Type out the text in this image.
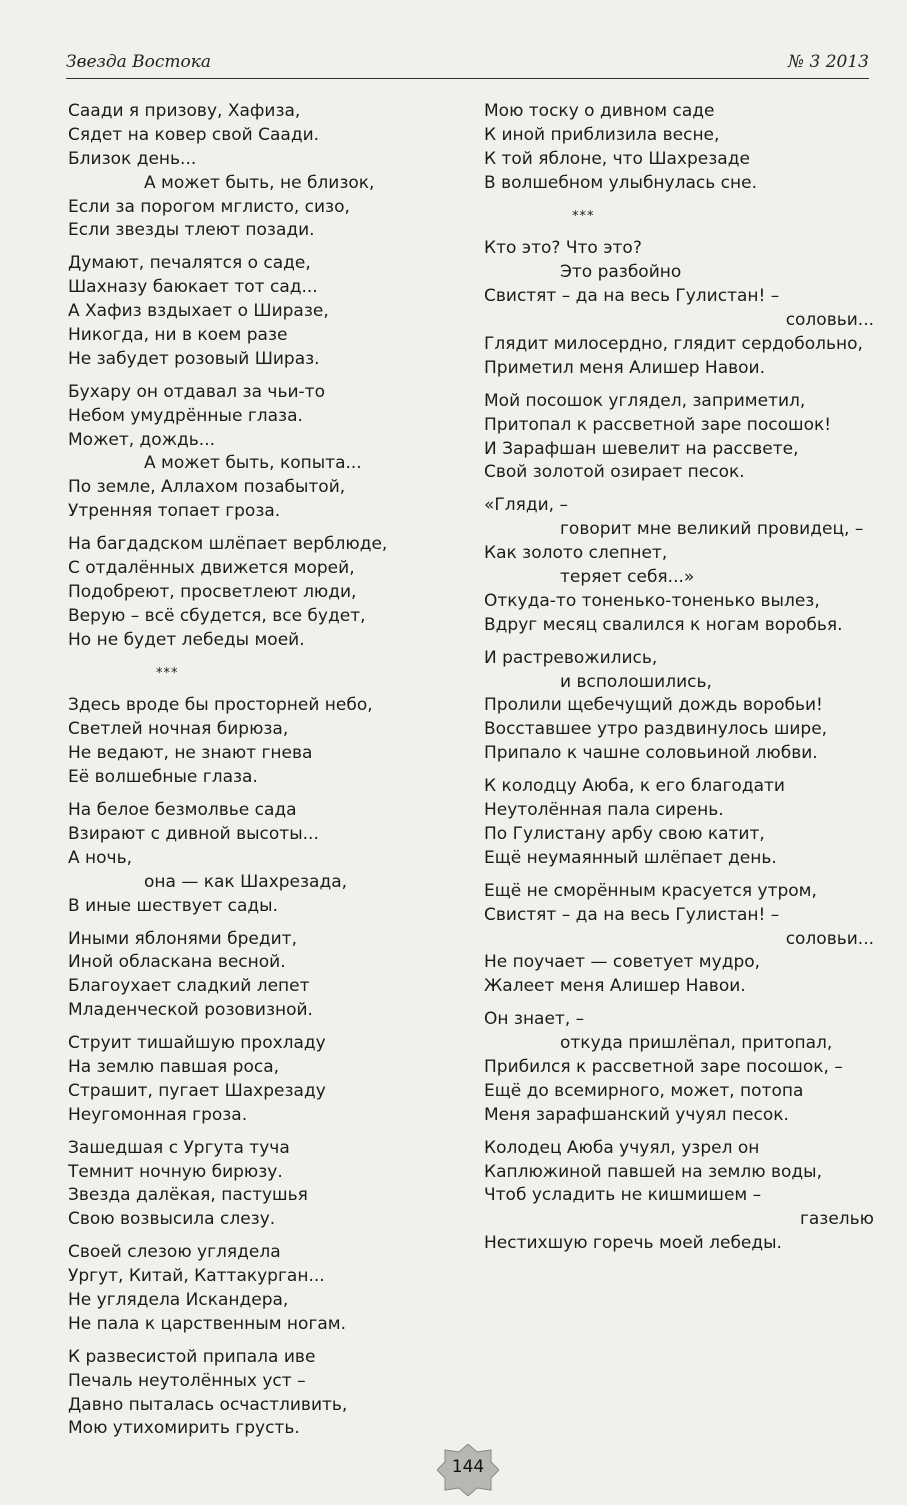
Звезда Востока	№ 3 2013
Саади я призову, Хафиза,
Сядет на ковер свой Саади.
Близок день...
А может быть, не близок,
Если за порогом мглисто, сизо,
Если звезды тлеют позади.
Думают, печалятся о саде,
Шахназу баюкает тот сад...
А Хафиз вздыхает о Ширазе,
Никогда, ни в коем разе
Не забудет розовый Шираз.
Бухару он отдавал за чьи-то
Небом умудрённые глаза.
Может, дождь...
А может быть, копыта...
По земле, Аллахом позабытой,
Утренняя топает гроза.
На багдадском шлёпает верблюде,
С отдалённых движется морей,
Подобреют, просветлеют люди,
Верую – всё сбудется, все будет,
Но не будет лебеды моей.
***
Здесь вроде бы просторней небо,
Светлей ночная бирюза,
Не ведают, не знают гнева
Её волшебные глаза.
На белое безмолвье сада
Взирают с дивной высоты...
А ночь,
она — как Шахрезада,
В иные шествует сады.
Иными яблонями бредит,
Иной обласкана весной.
Благоухает сладкий лепет
Младенческой розовизной.
Струит тишайшую прохладу
На землю павшая роса,
Страшит, пугает Шахрезаду
Неугомонная гроза.
Зашедшая с Ургута туча
Темнит ночную бирюзу.
Звезда далёкая, пастушья
Свою возвысила слезу.
Своей слезою углядела
Ургут, Китай, Каттакурган...
Не углядела Искандера,
Не пала к царственным ногам.
К развесистой припала иве
Печаль неутолённых уст –
Давно пыталась осчастливить,
Мою утихомирить грусть.
Мою тоску о дивном саде
К иной приблизила весне,
К той яблоне, что Шахрезаде
В волшебном улыбнулась сне.
***
Кто это? Что это?
Это разбойно
Свистят – да на весь Гулистан! –
соловьи...
Глядит милосердно, глядит сердобольно,
Приметил меня Алишер Навои.
Мой посошок углядел, заприметил,
Притопал к рассветной заре посошок!
И Зарафшан шевелит на рассвете,
Свой золотой озирает песок.
«Гляди, –
говорит мне великий провидец, –
Как золото слепнет,
теряет себя...»
Откуда-то тоненько-тоненько вылез,
Вдруг месяц свалился к ногам воробья.
И растревожились,
и всполошились,
Пролили щебечущий дождь воробьи!
Восставшее утро раздвинулось шире,
Припало к чашне соловьиной любви.
К колодцу Аюба, к его благодати
Неутолённая пала сирень.
По Гулистану арбу свою катит,
Ещё неумаянный шлёпает день.
Ещё не сморённым красуется утром,
Свистят – да на весь Гулистан! –
соловьи...
Не поучает — советует мудро,
Жалеет меня Алишер Навои.
Он знает, –
откуда пришлёпал, притопал,
Прибился к рассветной заре посошок, –
Ещё до всемирного, может, потопа
Меня зарафшанский учуял песок.
Колодец Аюба учуял, узрел он
Каплюжиной павшей на землю воды,
Чтоб усладить не кишмишем –
газелью
Нестихшую горечь моей лебеды.
144
